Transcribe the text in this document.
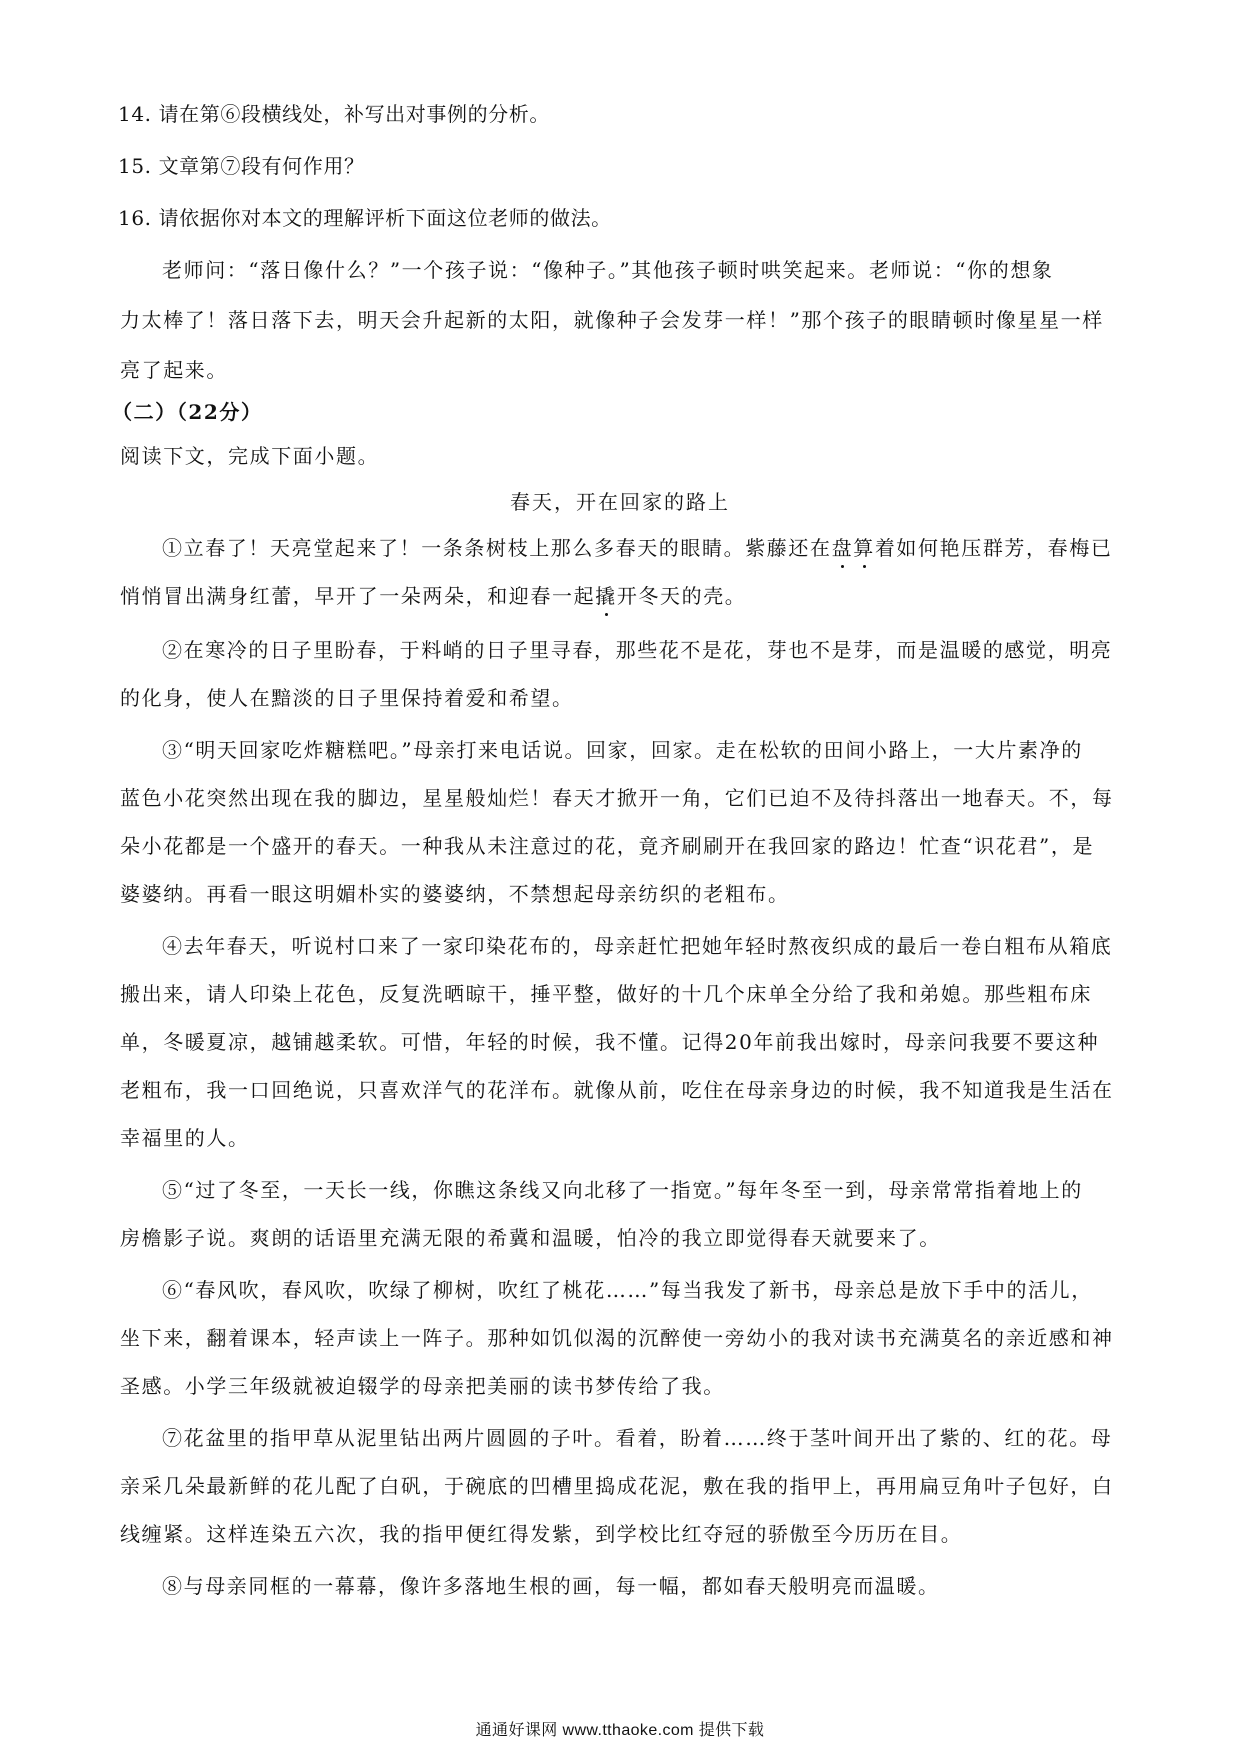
14. 请在第⑥段横线处，补写出对事例的分析。
15. 文章第⑦段有何作用？
16. 请依据你对本文的理解评析下面这位老师的做法。
老师问：“落日像什么？”一个孩子说：“像种子。”其他孩子顿时哄笑起来。老师说：“你的想象
力太棒了！落日落下去，明天会升起新的太阳，就像种子会发芽一样！”那个孩子的眼睛顿时像星星一样
亮了起来。
（二）（22分）
阅读下文，完成下面小题。
春天，开在回家的路上
①立春了！天亮堂起来了！一条条树枝上那么多春天的眼睛。紫藤还在盘算着如何艳压群芳，春梅已
悄悄冒出满身红蕾，早开了一朵两朵，和迎春一起撬开冬天的壳。
②在寒冷的日子里盼春，于料峭的日子里寻春，那些花不是花，芽也不是芽，而是温暖的感觉，明亮
的化身，使人在黯淡的日子里保持着爱和希望。
③“明天回家吃炸糖糕吧。”母亲打来电话说。回家，回家。走在松软的田间小路上，一大片素净的
蓝色小花突然出现在我的脚边，星星般灿烂！春天才掀开一角，它们已迫不及待抖落出一地春天。不，每
朵小花都是一个盛开的春天。一种我从未注意过的花，竟齐刷刷开在我回家的路边！忙查“识花君”，是
婆婆纳。再看一眼这明媚朴实的婆婆纳，不禁想起母亲纺织的老粗布。
④去年春天，听说村口来了一家印染花布的，母亲赶忙把她年轻时熬夜织成的最后一卷白粗布从箱底
搬出来，请人印染上花色，反复洗晒晾干，捶平整，做好的十几个床单全分给了我和弟媳。那些粗布床
单，冬暖夏凉，越铺越柔软。可惜，年轻的时候，我不懂。记得20年前我出嫁时，母亲问我要不要这种
老粗布，我一口回绝说，只喜欢洋气的花洋布。就像从前，吃住在母亲身边的时候，我不知道我是生活在
幸福里的人。
⑤“过了冬至，一天长一线，你瞧这条线又向北移了一指宽。”每年冬至一到，母亲常常指着地上的
房檐影子说。爽朗的话语里充满无限的希冀和温暖，怕冷的我立即觉得春天就要来了。
⑥“春风吹，春风吹，吹绿了柳树，吹红了桃花……”每当我发了新书，母亲总是放下手中的活儿，
坐下来，翻着课本，轻声读上一阵子。那种如饥似渴的沉醉使一旁幼小的我对读书充满莫名的亲近感和神
圣感。小学三年级就被迫辍学的母亲把美丽的读书梦传给了我。
⑦花盆里的指甲草从泥里钻出两片圆圆的子叶。看着，盼着……终于茎叶间开出了紫的、红的花。母
亲采几朵最新鲜的花儿配了白矾，于碗底的凹槽里捣成花泥，敷在我的指甲上，再用扁豆角叶子包好，白
线缠紧。这样连染五六次，我的指甲便红得发紫，到学校比红夺冠的骄傲至今历历在目。
⑧与母亲同框的一幕幕，像许多落地生根的画，每一幅，都如春天般明亮而温暖。
通通好课网 www.tthaoke.com 提供下载
